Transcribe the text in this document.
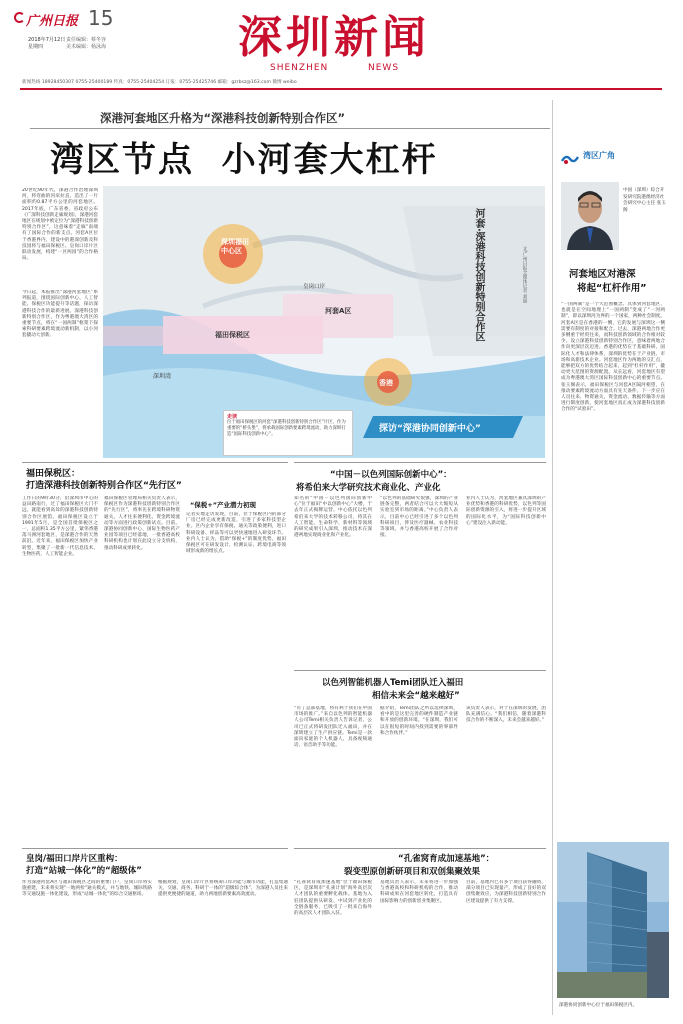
广州日报 15
2018年7月12日
星期四
责任编辑：蔡冬容
美术编辑：杨泳海	深圳新闻
SHENZHEN	NEWS
新闻热线 18928450307 0755-25400189 传真：0755-25404254 订报：0755-25425746 邮箱：gzrbsz@163.com 微博 weibo
深港河套地区升格为“深港科技创新特别合作区”
湾区节点  小河套大杠杆
20世纪90年代，深港合作治理深圳河，将弯曲的河床拉直，造出了一片面积约0.87平方公里的河套地区。2017年底，广东省委、省政府公布《广深科技创新走廊规划》，深港河套地区在规划中被定位为“深港科技创新特别合作区”，这意味着“走廊”南端有了国际合作的新支点。河套A区位于香港界内，建设中的港深创新及科技园将与福田保税区、皇岗口岸片区联动发展，构建“一区两园”的合作格局。
今日起，本报推出“深港河套地区”系列报道，围绕国际创新中心、人工智能、保税区功能提升等话题，探访深港科技合作的最新进展。深港科技创新特别合作区，作为粤港澳大湾区的重要节点，将在“一国两制”框架下探索科研要素跨境流动新机制，以小河套撬动大创新。
深圳福田中心区
河套A区
香港
深圳湾
福田保税区
皇岗口岸	河套·深港科技创新特别合作区	文/广州日报全媒体记者 刘丽
走读
位于福田保税区的河套“深港科技创新特别合作区”片区，作为重要的“桥头堡”，将承载国际创新要素跨境流动，助力深圳打造“国际科技创新中心”。
探访“深港协同创新中心”
福田保税区：
打造深港科技创新特别合作区“先行区”
工作日的9时30分，沿深圳市中心的益田路南行，过了福田保税区大门不远，就能看到高耸的深港科技创新特别合作区展馆。福田保税区设立于1991年5月，是全国首批保税区之一，总面积1.35平方公里，紧邻香港落马洲河套地区，是深港合作的天然前沿。近年来，福田保税区加快产业转型，集聚了一批新一代信息技术、生物医药、人工智能企业。
福田保税区管理局相关负责人表示，保税区作为深港科技创新特别合作区的“先行区”，将率先在跨境科研物资通关、人才往来便利化、资金跨境流动等方面进行政策创新试点。目前，深港协同创新中心、国际生物医药产业园等项目已经落地，一批香港高校科研机构也计划在此设立分支机构，推动科研成果转化。
“保税+”产业潜力初现
记者实地走访发现，目前，位于保税区内的部分厂房已经完成更新改造，引进了多家科技型企业。区内企业享有保税、通关等政策便利，进口科研设备、样品等可以更快速地进入研发环节。业内人士认为，借助“保税+”的制度优势，福田保税区可在研发设计、检测认证、跨境电商等领域形成新的增长点。
皇岗/福田口岸片区重构：
打造“站城一体化”的“超级体”
作为深港河套A区与福田保税区之间的重要门户，皇岗口岸将实施重建，未来将实现“一地两检”通关模式，并与地铁、城际铁路等交通设施一体化建设，形成“站城一体化”的综合交通枢纽。
根据规划，皇岗口岸片区将统筹口岸功能与城市功能，打造集通关、交通、商务、科研于一体的“超级综合体”，为深港人员往来提供更便捷的通道，助力两地创新要素高效流动。
“中国－以色列国际创新中心”：
将希伯来大学研究技术商业化、产业化
知名的“中国－以色列国际创新中心”位于福田“中以创新中心”大楼，于去年正式揭牌运营。中心依托以色列希伯来大学的技术转移公司，将其在人工智能、生命科学、新材料等领域的研究成果引入深圳，推动技术在深港两地实现商业化和产业化。
“以色列的基础研究很强，深圳的产业链条完整，两者结合可以大大缩短从实验室到市场的距离。”中心负责人表示，目前中心已经引进了多个以色列科研项目，涉及医疗器械、农业科技等领域，并与香港高校开展了合作对接。
业内人士认为，河套地区兼具深圳的产业优势和香港的科研优势，以色列等国际创新资源的引入，将进一步提升区域的国际化水平，为“国际科技创新中心”建设注入新动能。
以色列智能机器人Temi团队迁入福田
相信未来会“越来越好”
“有了总部基地，将有利于我们在中国市场的推广。”来自以色列的智能机器人公司Temi相关负责人告诉记者，公司已正式将研发团队迁入福田，并在深圳建立了生产供应链。Temi是一款面向家庭的个人机器人，具备视频通话、语音助手等功能。
据介绍，Temi团队之所以选择深圳，看中的是这里完善的硬件制造产业链和开放的创新环境。“在深圳，我们可以在很短的时间内找到需要的零部件和合作伙伴。”
该负责人表示，对于在深圳的发展，团队充满信心。“我们相信，随着深港科技合作的不断深入，未来会越来越好。”
“孔雀窝育成加速基地”：
裂变型原创新研项目和双创集聚效果
“孔雀窝育成加速基地”位于福田保税区，是深圳市“孔雀计划”海外高层次人才团队的重要孵化载体。基地为入驻团队提供从研发、中试到产业化的全链条服务，已吸引了一批来自海外的高层次人才团队入驻。
基地负责人表示，未来将进一步加强与香港高校和科研机构的合作，推动科研成果在河套地区转化，打造具有国际影响力的创新创业集聚区。
目前，基地内已有多个项目获得融资，部分项目已实现量产，形成了良好的双创集聚效应，为深港科技创新特别合作区建设提供了有力支撑。
湾区广角
中国（深圳）综合开发研究院港澳经济社会研究中心主任 张玉阁
河套地区对港深
将起“杠杆作用”
“一国两制”是一个大范围概念。具体到河套地区，也就是在空间地理上“一国两制”变成了“一河两制”，即以深圳河为界的一个国家，两种社会制度。河套A区是在香港的一侧，它的发展与深圳这一侧需要有制度的对接和配合。过去，深港两地合作更多侧重于经贸往来，而科技创新领域的合作相对较少。设立深港科技创新特别合作区，意味着两地合作向更深层次迈进。香港的优势在于基础科研、国际化人才和法律体系，深圳的优势在于产业链、市场和高新技术企业。河套地区作为两地的交汇点，能够把双方的优势结合起来，起到“杠杆作用”，撬动更大范围的资源配置。从长远看，河套地区有望成为粤港澳大湾区国际科技创新中心的重要节点。张玉阁表示，福田保税区与河套A区隔河相望，在推动要素跨境流动方面具有先天条件。下一步应在人员往来、物资通关、资金流动、数据传输等方面进行制度创新，使河套地区真正成为深港科技创新合作的“试验田”。
深港协同创新中心位于福田保税区内。
